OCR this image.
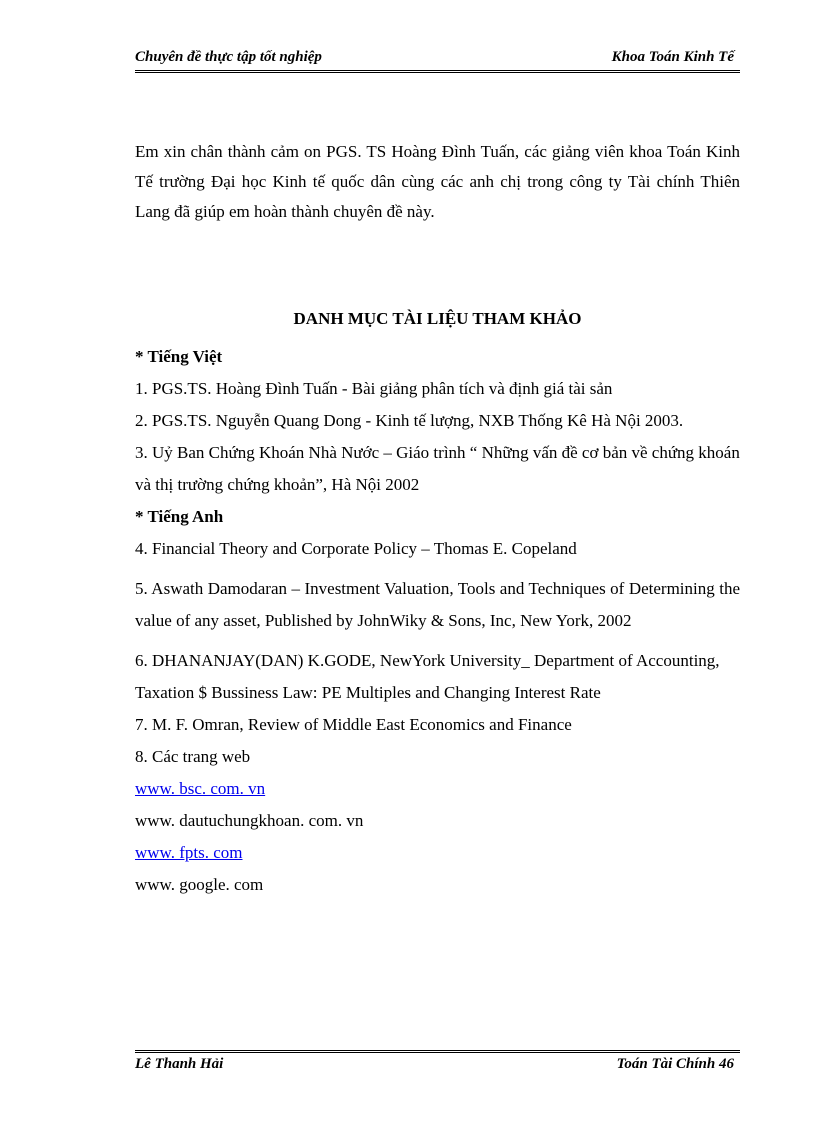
Chuyên đề thực tập tốt nghiệp	Khoa Toán Kinh Tế

Em xin chân thành cảm on PGS. TS Hoàng Đình Tuấn, các giảng viên khoa Toán Kinh Tế trường Đại học Kinh tế quốc dân cùng các anh chị trong công ty Tài chính Thiên Lang đã giúp em hoàn thành chuyên đề này.

DANH MỤC TÀI LIỆU THAM KHẢO

* Tiếng Việt

1. PGS.TS. Hoàng Đình Tuấn - Bài giảng phân tích và định giá tài sản

2. PGS.TS. Nguyễn Quang Dong - Kinh tế lượng, NXB Thống Kê Hà Nội 2003.

3. Uỷ Ban Chứng Khoán Nhà Nước – Giáo trình “ Những vấn đề cơ bản về chứng khoán và thị trường chứng khoản”, Hà Nội 2002

* Tiếng Anh

4. Financial Theory and Corporate Policy – Thomas E. Copeland

5. Aswath Damodaran – Investment Valuation, Tools and Techniques of Determining the value of any asset, Published by JohnWiky & Sons, Inc, New York, 2002

6. DHANANJAY(DAN) K.GODE, NewYork University_ Department of Accounting, Taxation $ Bussiness Law: PE Multiples and Changing Interest Rate

7. M. F. Omran, Review of Middle East Economics and Finance

8. Các trang web

www. bsc. com. vn

www. dautuchungkhoan. com. vn

www. fpts. com

www. google. com

Lê Thanh Hải	Toán Tài Chính 46
